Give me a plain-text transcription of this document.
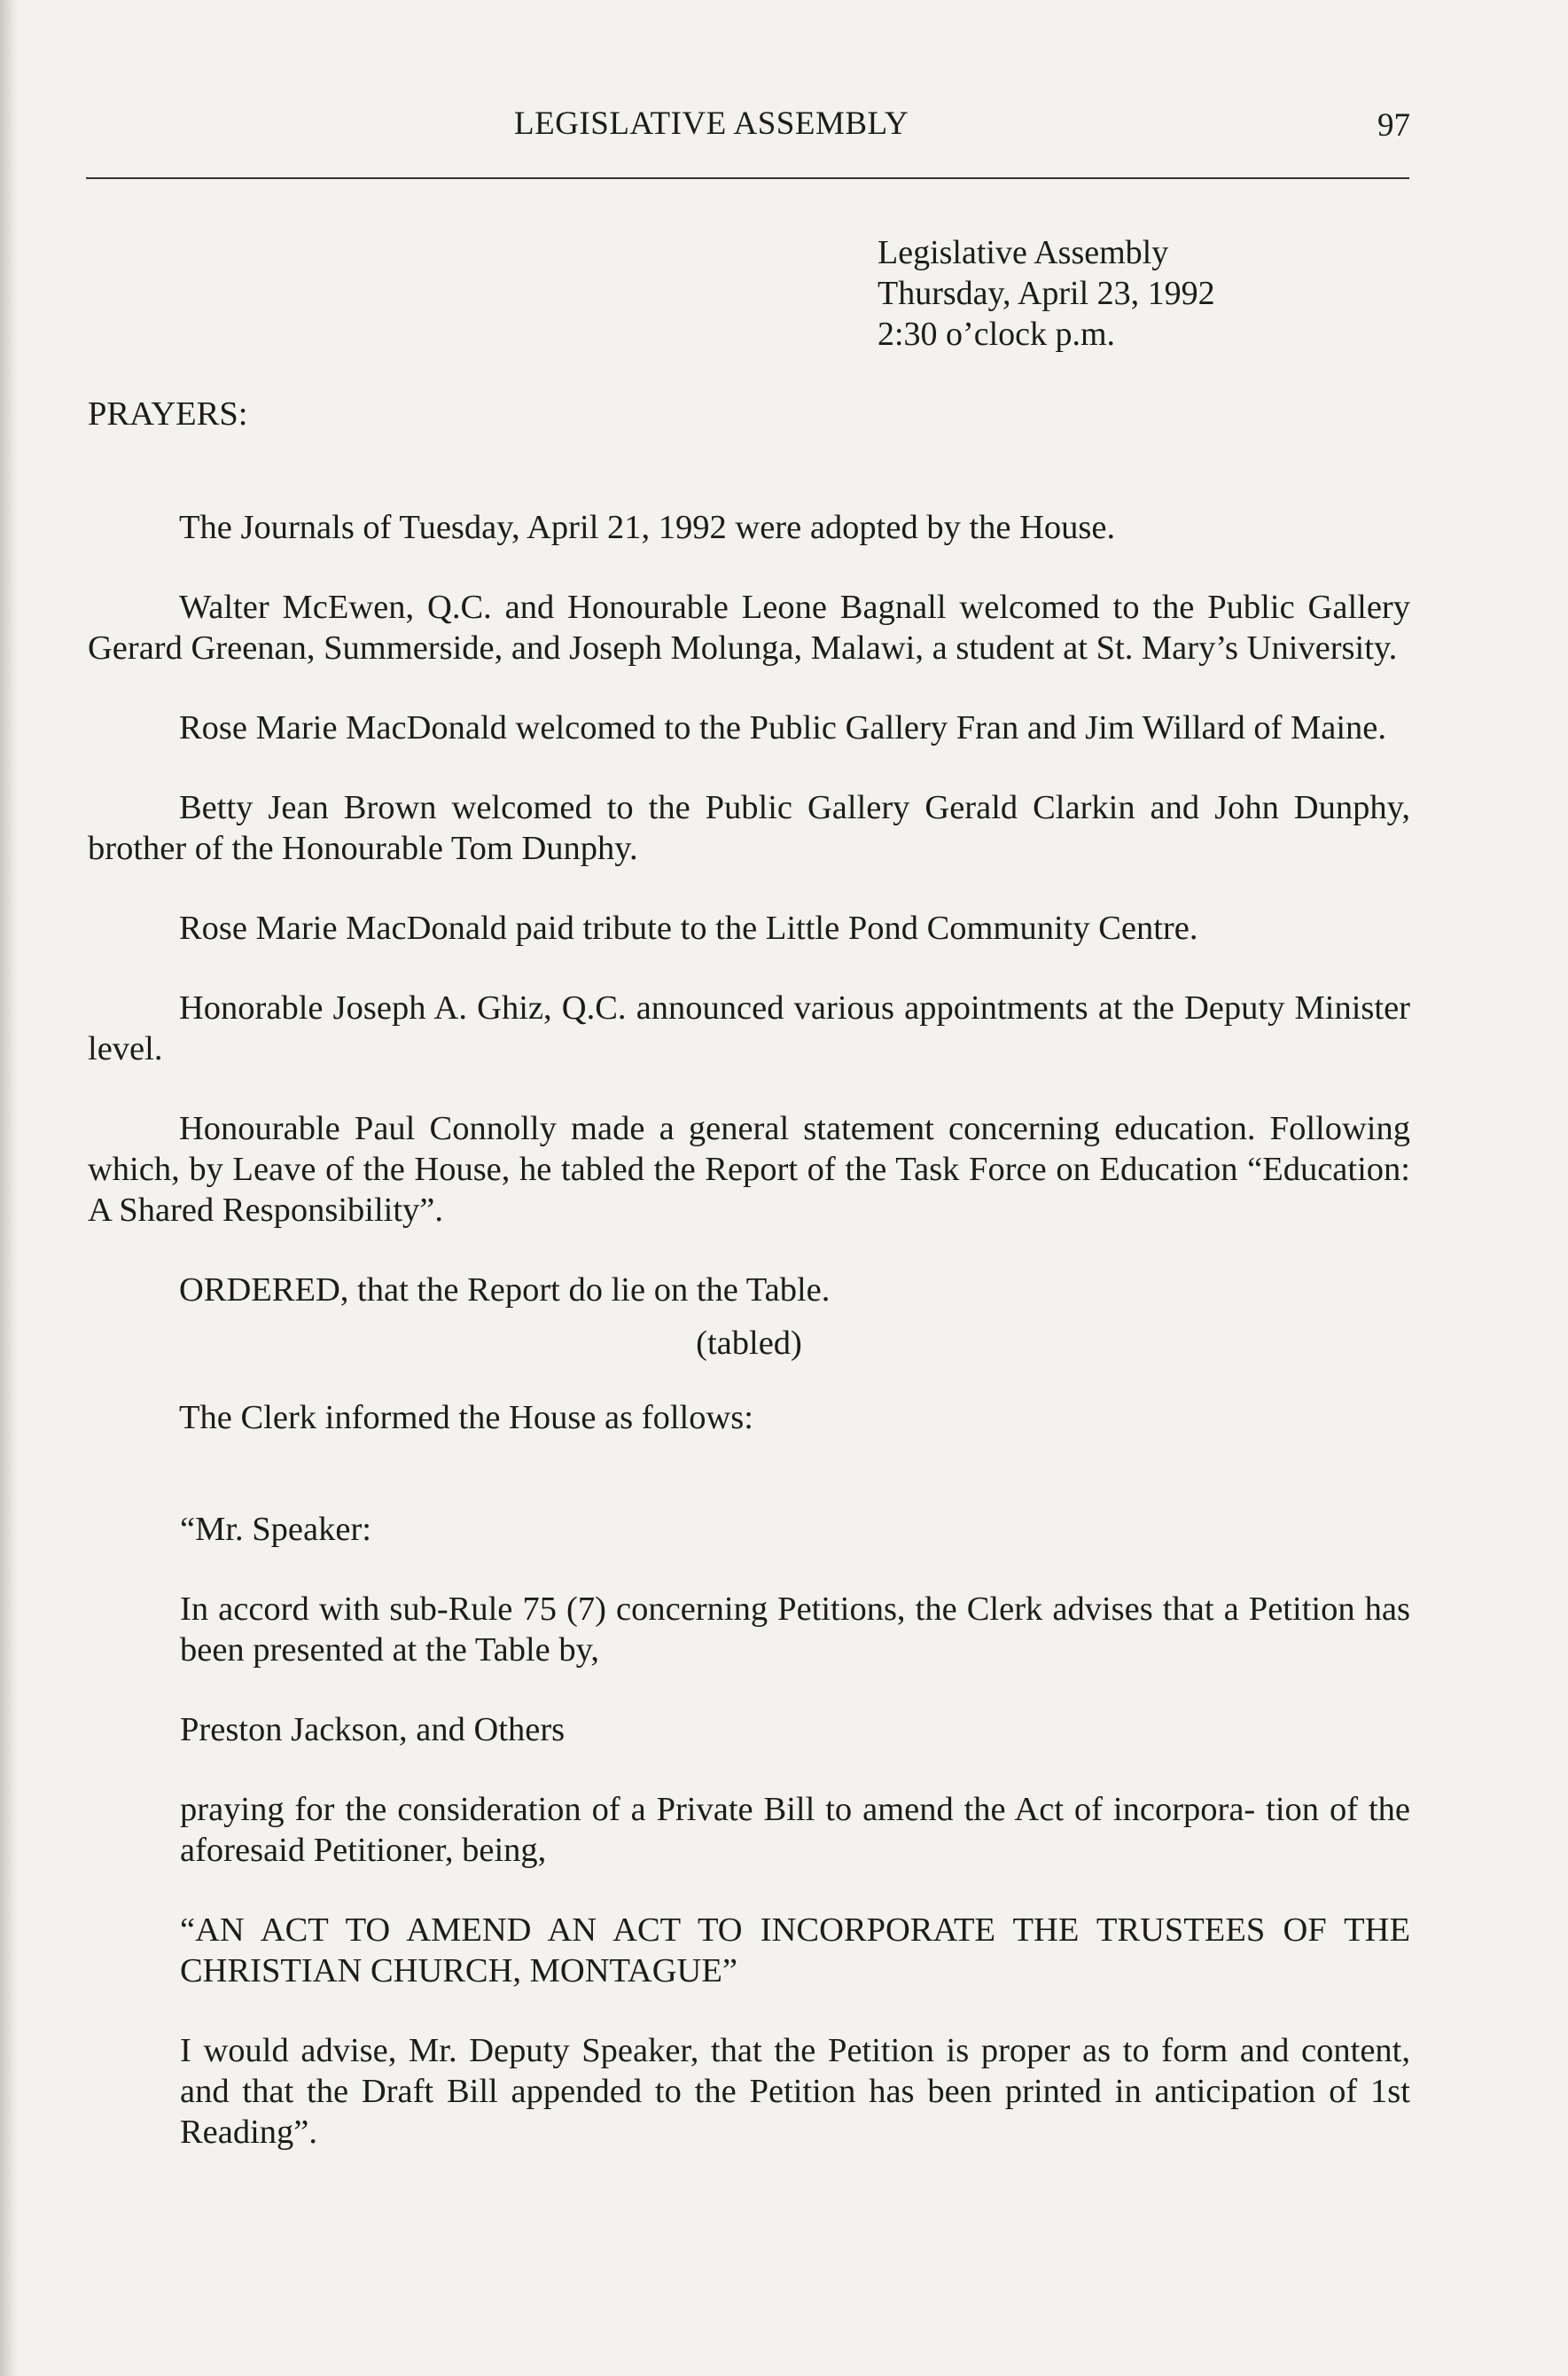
LEGISLATIVE ASSEMBLY	97
Legislative Assembly
Thursday, April 23, 1992
2:30 o’clock p.m.

PRAYERS:

The Journals of Tuesday, April 21, 1992 were adopted by the House.

Walter McEwen, Q.C. and Honourable Leone Bagnall welcomed to the Public Gallery Gerard Greenan, Summerside, and Joseph Molunga, Malawi, a student at St. Mary’s University.

Rose Marie MacDonald welcomed to the Public Gallery Fran and Jim Willard of Maine.

Betty Jean Brown welcomed to the Public Gallery Gerald Clarkin and John Dunphy, brother of the Honourable Tom Dunphy.

Rose Marie MacDonald paid tribute to the Little Pond Community Centre.

Honorable Joseph A. Ghiz, Q.C. announced various appointments at the Deputy Minister level.

Honourable Paul Connolly made a general statement concerning education. Following which, by Leave of the House, he tabled the Report of the Task Force on Education “Education: A Shared Responsibility”.

ORDERED, that the Report do lie on the Table.

(tabled)

The Clerk informed the House as follows:

“Mr. Speaker:

In accord with sub-Rule 75 (7) concerning Petitions, the Clerk advises that a Petition has been presented at the Table by,

Preston Jackson, and Others

praying for the consideration of a Private Bill to amend the Act of incorpora- tion of the aforesaid Petitioner, being,

“AN ACT TO AMEND AN ACT TO INCORPORATE THE TRUSTEES OF THE CHRISTIAN CHURCH, MONTAGUE”

I would advise, Mr. Deputy Speaker, that the Petition is proper as to form and content, and that the Draft Bill appended to the Petition has been printed in anticipation of 1st Reading”.
